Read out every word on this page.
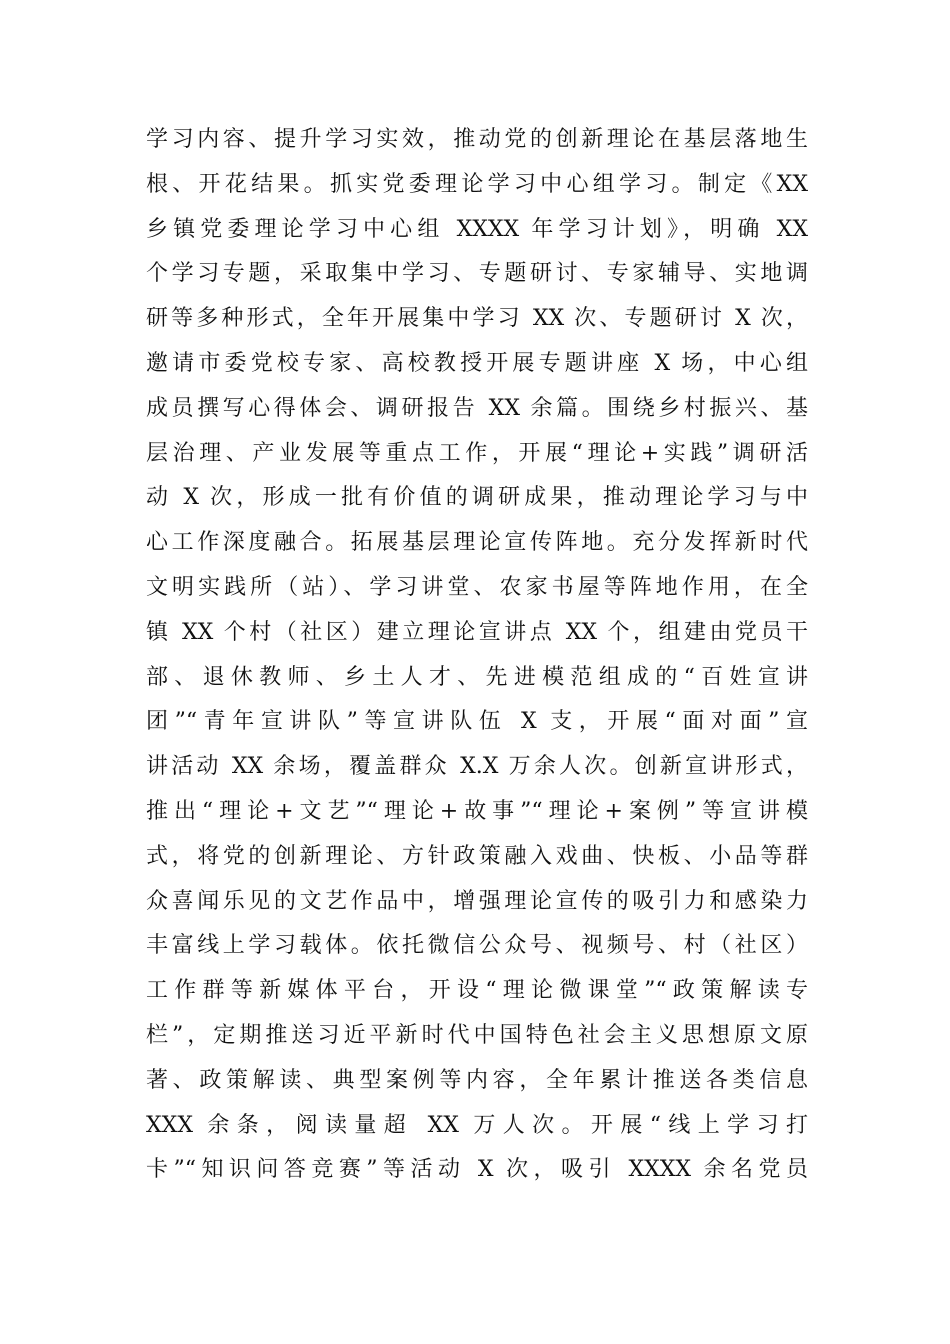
学习内容、提升学习实效，推动党的创新理论在基层落地生
根、开花结果。抓实党委理论学习中心组学习。制定《XX
乡镇党委理论学习中心组 XXXX 年学习计划》，明确 XX
个学习专题，采取集中学习、专题研讨、专家辅导、实地调
研等多种形式，全年开展集中学习 XX 次、专题研讨 X 次，
邀请市委党校专家、高校教授开展专题讲座 X 场，中心组
成员撰写心得体会、调研报告 XX 余篇。围绕乡村振兴、基
层治理、产业发展等重点工作，开展“理论+实践”调研活
动 X 次，形成一批有价值的调研成果，推动理论学习与中
心工作深度融合。拓展基层理论宣传阵地。充分发挥新时代
文明实践所（站）、学习讲堂、农家书屋等阵地作用，在全
镇 XX 个村（社区）建立理论宣讲点 XX 个，组建由党员干
部、退休教师、乡土人才、先进模范组成的“百姓宣讲
团”“青年宣讲队”等宣讲队伍 X 支，开展“面对面”宣
讲活动 XX 余场，覆盖群众 X.X 万余人次。创新宣讲形式，
推出“理论+文艺”“理论+故事”“理论+案例”等宣讲模
式，将党的创新理论、方针政策融入戏曲、快板、小品等群
众喜闻乐见的文艺作品中，增强理论宣传的吸引力和感染力
丰富线上学习载体。依托微信公众号、视频号、村（社区）
工作群等新媒体平台，开设“理论微课堂”“政策解读专
栏”，定期推送习近平新时代中国特色社会主义思想原文原
著、政策解读、典型案例等内容，全年累计推送各类信息
XXX 余条，阅读量超 XX 万人次。开展“线上学习打
卡”“知识问答竞赛”等活动 X 次，吸引 XXXX 余名党员
